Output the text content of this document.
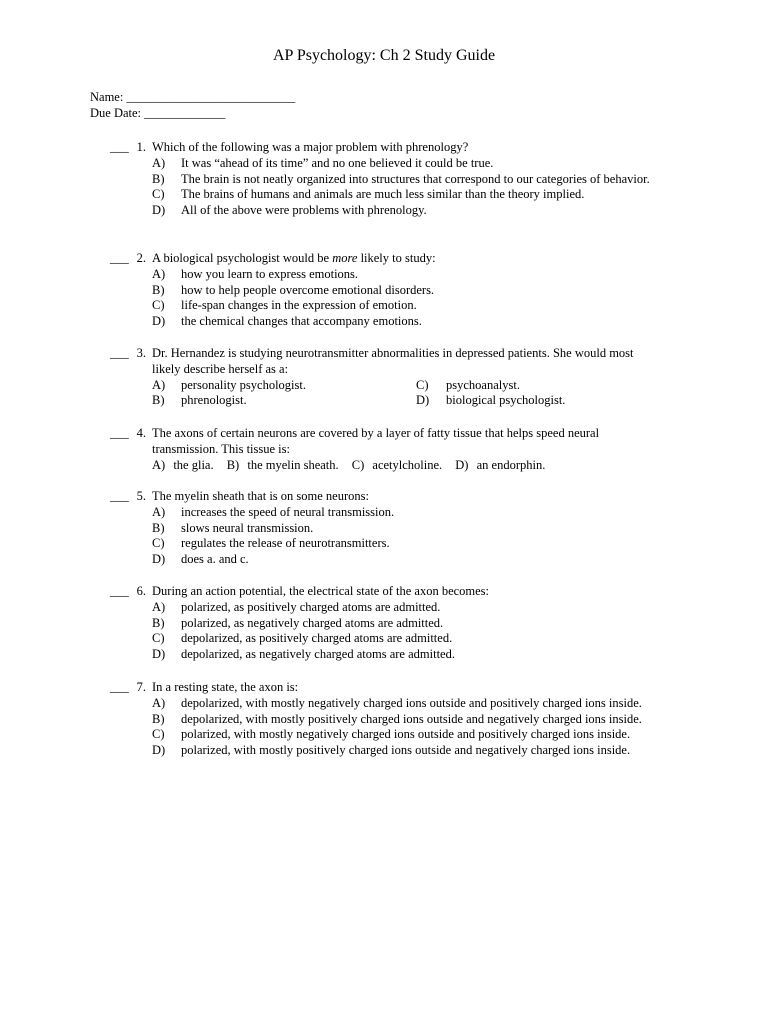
AP Psychology: Ch 2 Study Guide
Name: ___________________________
Due Date: _____________
___ 1. Which of the following was a major problem with phrenology?
A) It was “ahead of its time” and no one believed it could be true.
B) The brain is not neatly organized into structures that correspond to our categories of behavior.
C) The brains of humans and animals are much less similar than the theory implied.
D) All of the above were problems with phrenology.
___ 2. A biological psychologist would be more likely to study:
A) how you learn to express emotions.
B) how to help people overcome emotional disorders.
C) life-span changes in the expression of emotion.
D) the chemical changes that accompany emotions.
___ 3. Dr. Hernandez is studying neurotransmitter abnormalities in depressed patients. She would most likely describe herself as a:
A) personality psychologist.
B) phrenologist.
C) psychoanalyst.
D) biological psychologist.
___ 4. The axons of certain neurons are covered by a layer of fatty tissue that helps speed neural transmission. This tissue is:
A) the glia. B) the myelin sheath. C) acetylcholine. D) an endorphin.
___ 5. The myelin sheath that is on some neurons:
A) increases the speed of neural transmission.
B) slows neural transmission.
C) regulates the release of neurotransmitters.
D) does a. and c.
___ 6. During an action potential, the electrical state of the axon becomes:
A) polarized, as positively charged atoms are admitted.
B) polarized, as negatively charged atoms are admitted.
C) depolarized, as positively charged atoms are admitted.
D) depolarized, as negatively charged atoms are admitted.
___ 7. In a resting state, the axon is:
A) depolarized, with mostly negatively charged ions outside and positively charged ions inside.
B) depolarized, with mostly positively charged ions outside and negatively charged ions inside.
C) polarized, with mostly negatively charged ions outside and positively charged ions inside.
D) polarized, with mostly positively charged ions outside and negatively charged ions inside.
